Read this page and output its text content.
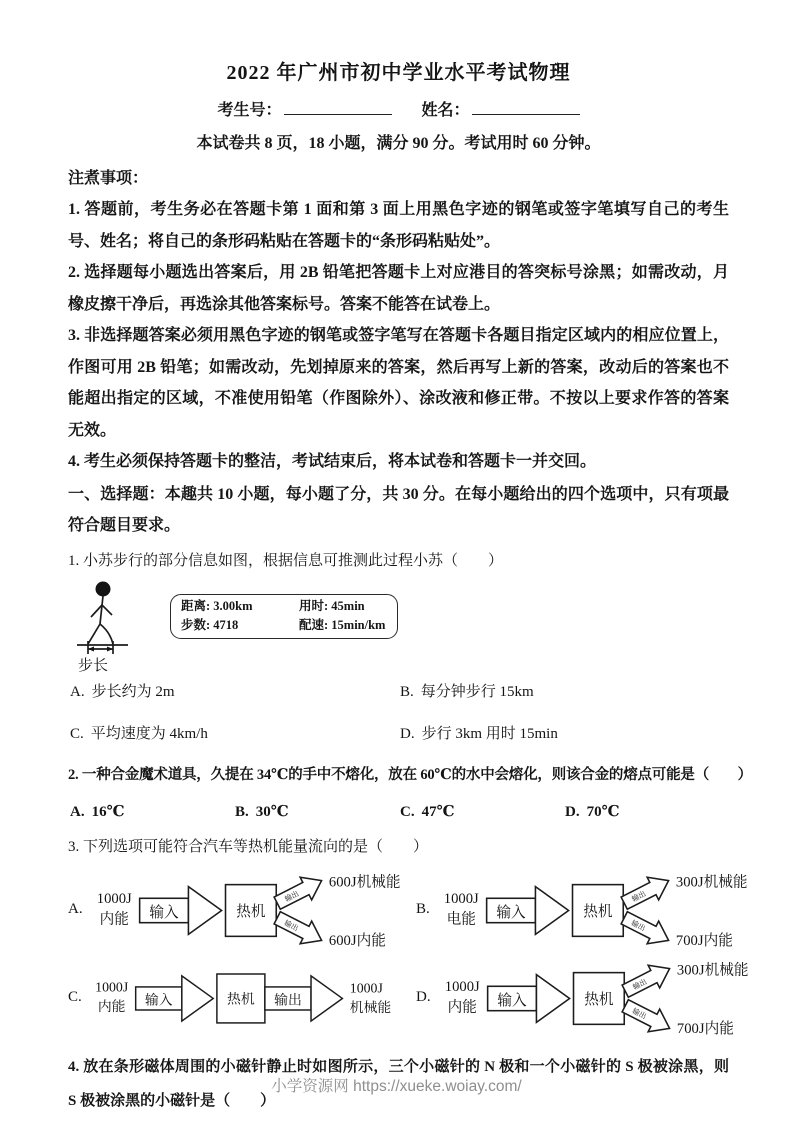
2022 年广州市初中学业水平考试物理
考生号：	姓名：
本试卷共 8 页，18 小题，满分 90 分。考试用时 60 分钟。
注煮事项：
1. 答题前，考生务必在答题卡第 1 面和第 3 面上用黑色字迹的钢笔或签字笔填写自己的考生号、姓名；将自己的条形码粘贴在答题卡的“条形码粘贴处”。
2. 选择题每小题选出答案后，用 2B 铅笔把答题卡上对应港目的答突标号涂黑；如需改动，月橡皮擦干净后，再选涂其他答案标号。答案不能答在试卷上。
3. 非选择题答案必须用黑色字迹的钢笔或签字笔写在答题卡各题目指定区域内的相应位置上，作图可用 2B 铅笔；如需改动，先划掉原来的答案，然后再写上新的答案，改动后的答案也不能超出指定的区域，不准使用铅笔（作图除外）、涂改液和修正带。不按以上要求作答的答案无效。
4. 考生必须保持答题卡的整洁，考试结束后，将本试卷和答题卡一并交回。
一、选择题：本趣共 10 小题，每小题了分，共 30 分。在每小题给出的四个选项中，只有项最符合题目要求。
1. 小苏步行的部分信息如图，根据信息可推测此过程小苏（　　）
步长
距离: 3.00km	用时: 45min
步数: 4718	配速: 15min/km
A. 步长约为 2m	B. 每分钟步行 15km
C. 平均速度为 4km/h	D. 步行 3km 用时 15min
2. 一种合金魔术道具，久提在 34℃的手中不熔化，放在 60℃的水中会熔化，则该合金的熔点可能是（　　）
A. 16℃	B. 30℃	C. 47℃	D. 70℃
3. 下列选项可能符合汽车等热机能量流向的是（　　）
A.
1000J
内能 输入	热机
输出
输出
600J机械能
600J内能
B.
1000J
电能 输入	热机
输出
输出
300J机械能
700J内能
C.
1000J
内能 输入	热机 输出
1000J
机械能
D.
1000J
内能 输入	热机
输出
输出
300J机械能
700J内能
4. 放在条形磁体周围的小磁针静止时如图所示，三个小磁针的 N 极和一个小磁针的 S 极被涂黑，则 S 极被涂黑的小磁针是（　　）
小学资源网 https://xueke.woiay.com/
